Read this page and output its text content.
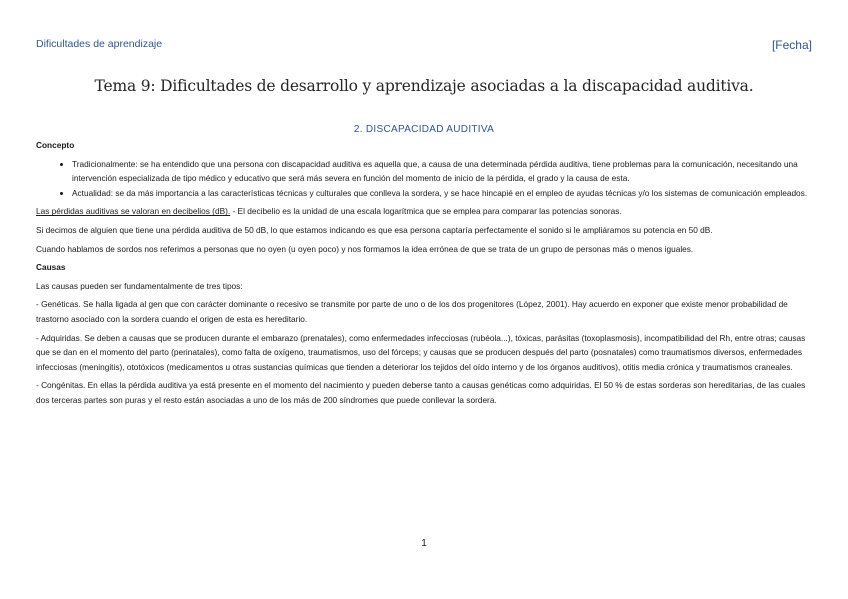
Dificultades de aprendizaje	[Fecha]
Tema 9: Dificultades de desarrollo y aprendizaje asociadas a la discapacidad auditiva.
2. DISCAPACIDAD AUDITIVA

Concepto

• Tradicionalmente: se ha entendido que una persona con discapacidad auditiva es aquella que, a causa de una determinada pérdida auditiva, tiene problemas para la comunicación, necesitando una intervención especializada de tipo médico y educativo que será más severa en función del momento de inicio de la pérdida, el grado y la causa de esta.
• Actualidad: se da más importancia a las características técnicas y culturales que conlleva la sordera, y se hace hincapié en el empleo de ayudas técnicas y/o los sistemas de comunicación empleados.

Las pérdidas auditivas se valoran en decibelios (dB). - El decibelio es la unidad de una escala logarítmica que se emplea para comparar las potencias sonoras.

Si decimos de alguien que tiene una pérdida auditiva de 50 dB, lo que estamos indicando es que esa persona captaría perfectamente el sonido si le ampliáramos su potencia en 50 dB.

Cuando hablamos de sordos nos referimos a personas que no oyen (u oyen poco) y nos formamos la idea errónea de que se trata de un grupo de personas más o menos iguales.

Causas

Las causas pueden ser fundamentalmente de tres tipos:

- Genéticas. Se halla ligada al gen que con carácter dominante o recesivo se transmite por parte de uno o de los dos progenitores (López, 2001). Hay acuerdo en exponer que existe menor probabilidad de trastorno asociado con la sordera cuando el origen de esta es hereditario.

- Adquiridas. Se deben a causas que se producen durante el embarazo (prenatales), como enfermedades infecciosas (rubéola...), tóxicas, parásitas (toxoplasmosis), incompatibilidad del Rh, entre otras; causas que se dan en el momento del parto (perinatales), como falta de oxígeno, traumatismos, uso del fórceps; y causas que se producen después del parto (posnatales) como traumatismos diversos, enfermedades infecciosas (meningitis), ototóxicos (medicamentos u otras sustancias químicas que tienden a deteriorar los tejidos del oído interno y de los órganos auditivos), otitis media crónica y traumatismos craneales.

- Congénitas. En ellas la pérdida auditiva ya está presente en el momento del nacimiento y pueden deberse tanto a causas genéticas como adquiridas. El 50 % de estas sorderas son hereditarias, de las cuales dos terceras partes son puras y el resto están asociadas a uno de los más de 200 síndromes que puede conllevar la sordera.

1
